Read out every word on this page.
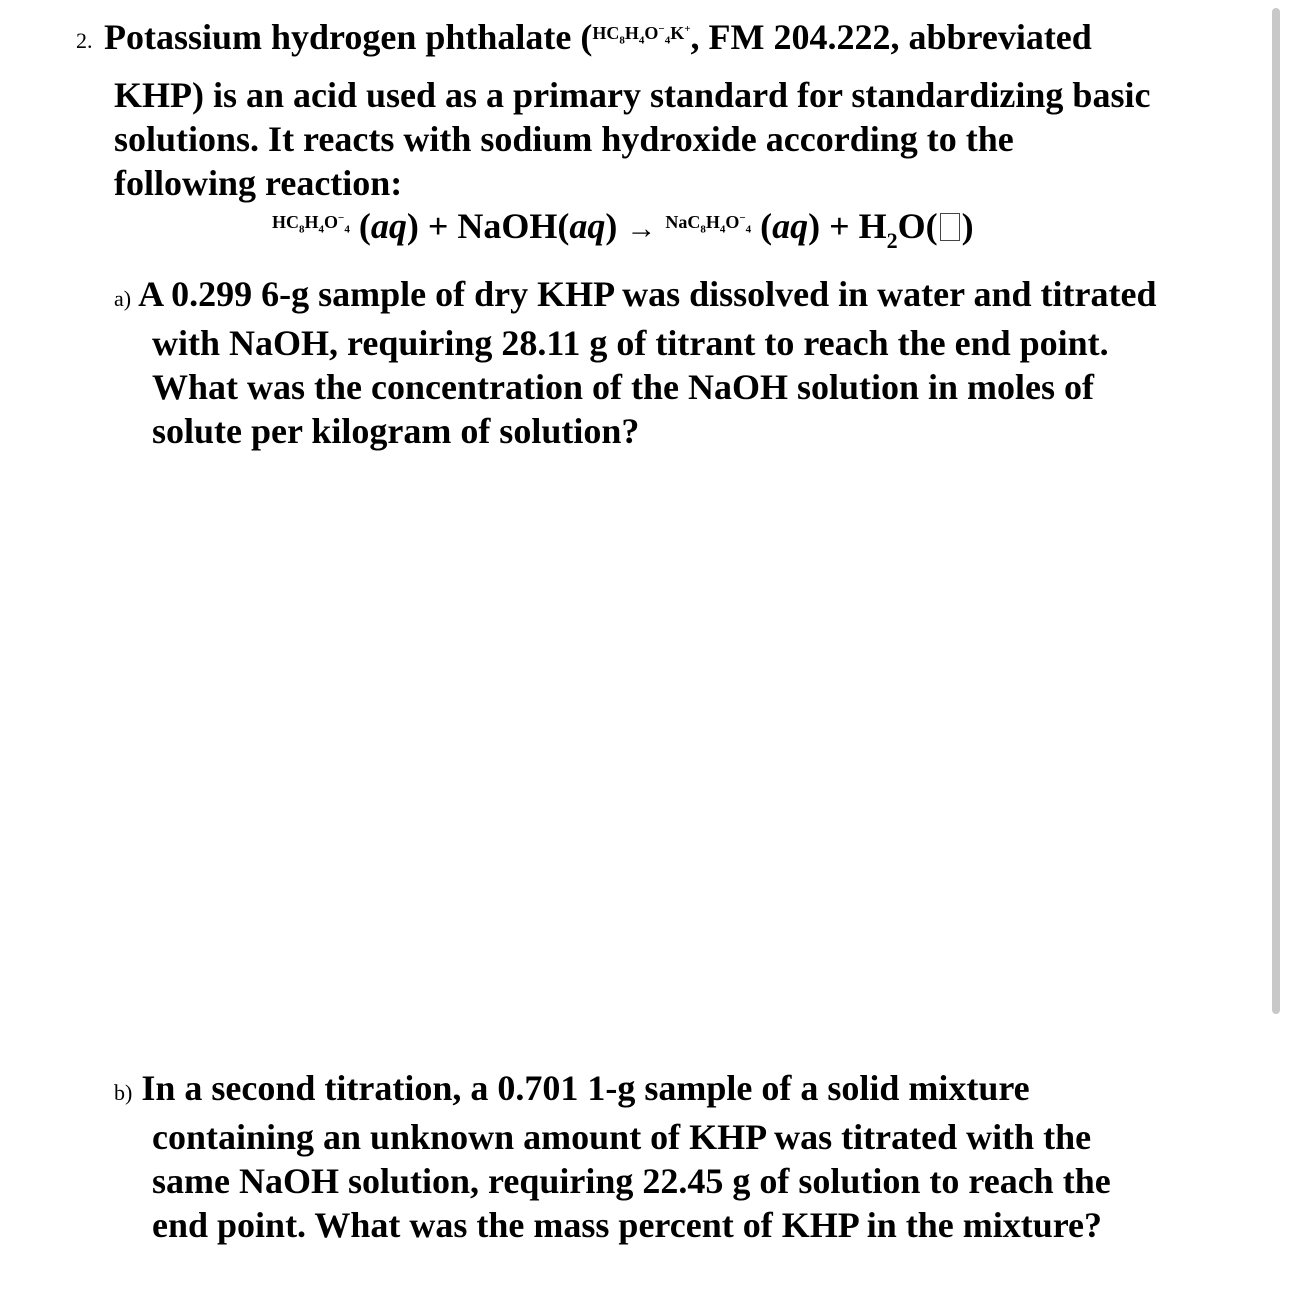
2. Potassium hydrogen phthalate ($^{HC_8H_4O^-_4K^+}$, FM 204.222, abbreviated
KHP) is an acid used as a primary standard for standardizing basic
solutions. It reacts with sodium hydroxide according to the
following reaction:
$^{HC_8H_4O^-_4}$ (aq) + NaOH(aq) → $^{NaC_8H_4O^-_4}$ $(aq) + H_2O$( )
a) A 0.299 6-g sample of dry KHP was dissolved in water and titrated
with NaOH, requiring 28.11 g of titrant to reach the end point.
What was the concentration of the NaOH solution in moles of
solute per kilogram of solution?
b) In a second titration, a 0.701 1-g sample of a solid mixture
containing an unknown amount of KHP was titrated with the
same NaOH solution, requiring 22.45 g of solution to reach the
end point. What was the mass percent of KHP in the mixture?
